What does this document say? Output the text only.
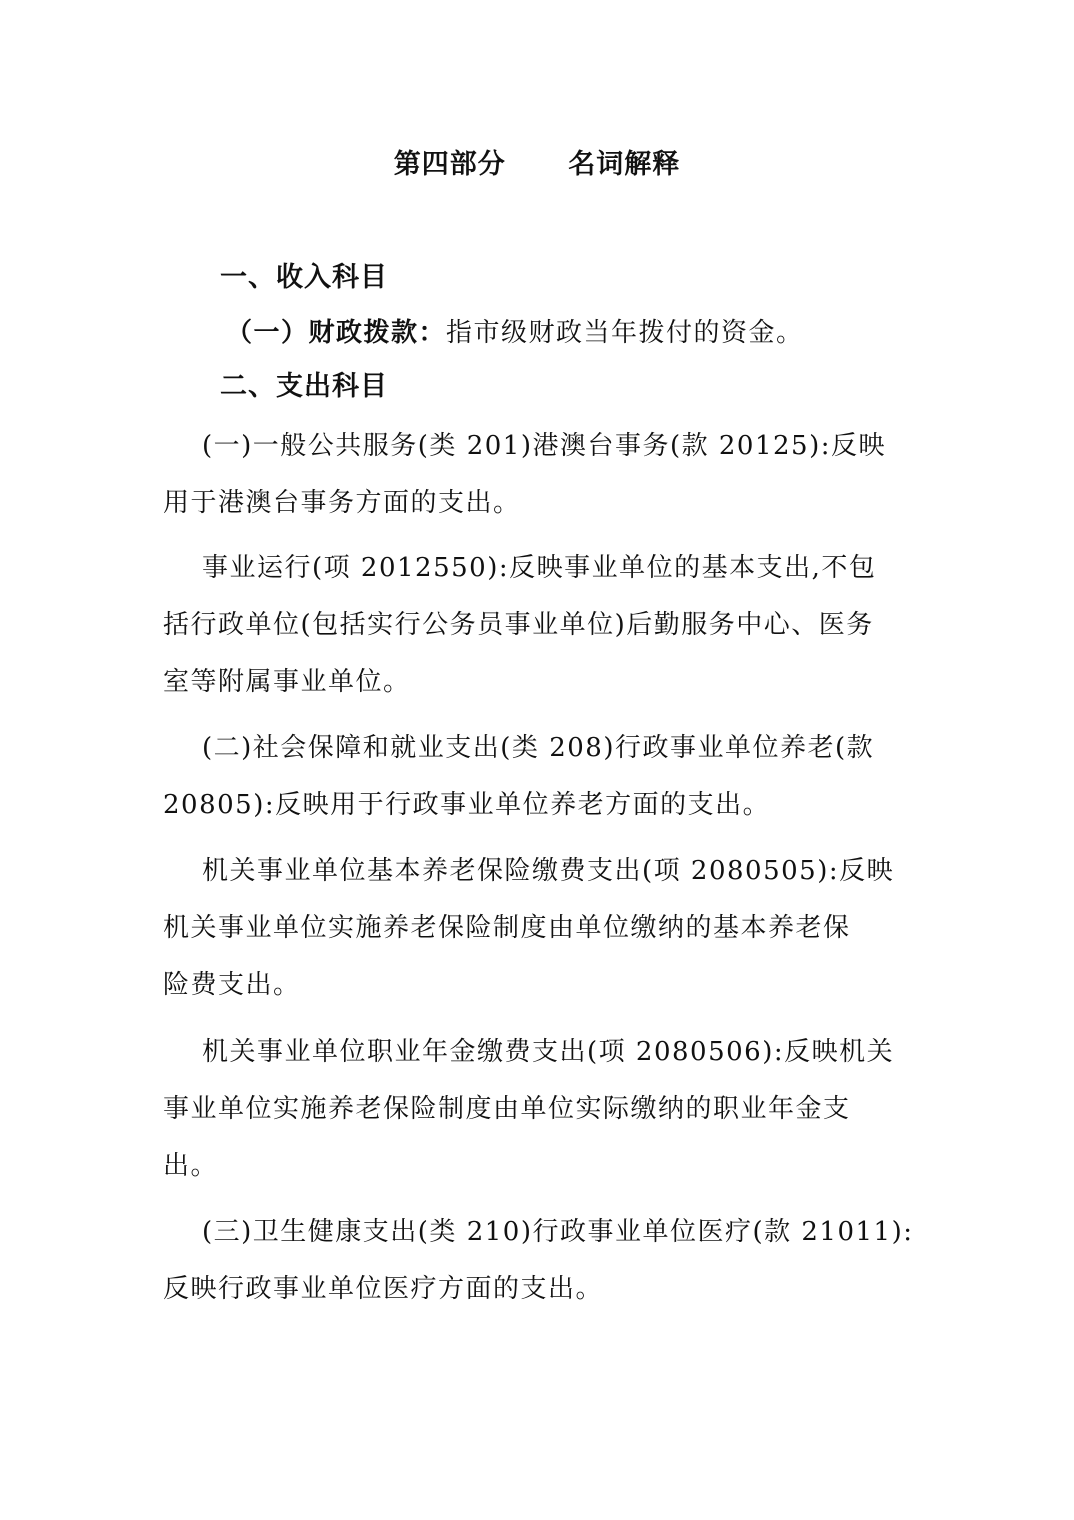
第四部分      名词解释
一、收入科目
（一）财政拨款：指市级财政当年拨付的资金。
二、支出科目
(一)一般公共服务(类 201)港澳台事务(款 20125):反映
用于港澳台事务方面的支出。
事业运行(项 2012550):反映事业单位的基本支出,不包
括行政单位(包括实行公务员事业单位)后勤服务中心、医务
室等附属事业单位。
(二)社会保障和就业支出(类 208)行政事业单位养老(款
20805):反映用于行政事业单位养老方面的支出。
机关事业单位基本养老保险缴费支出(项 2080505):反映
机关事业单位实施养老保险制度由单位缴纳的基本养老保
险费支出。
机关事业单位职业年金缴费支出(项 2080506):反映机关
事业单位实施养老保险制度由单位实际缴纳的职业年金支
出。
(三)卫生健康支出(类 210)行政事业单位医疗(款 21011):
反映行政事业单位医疗方面的支出。
